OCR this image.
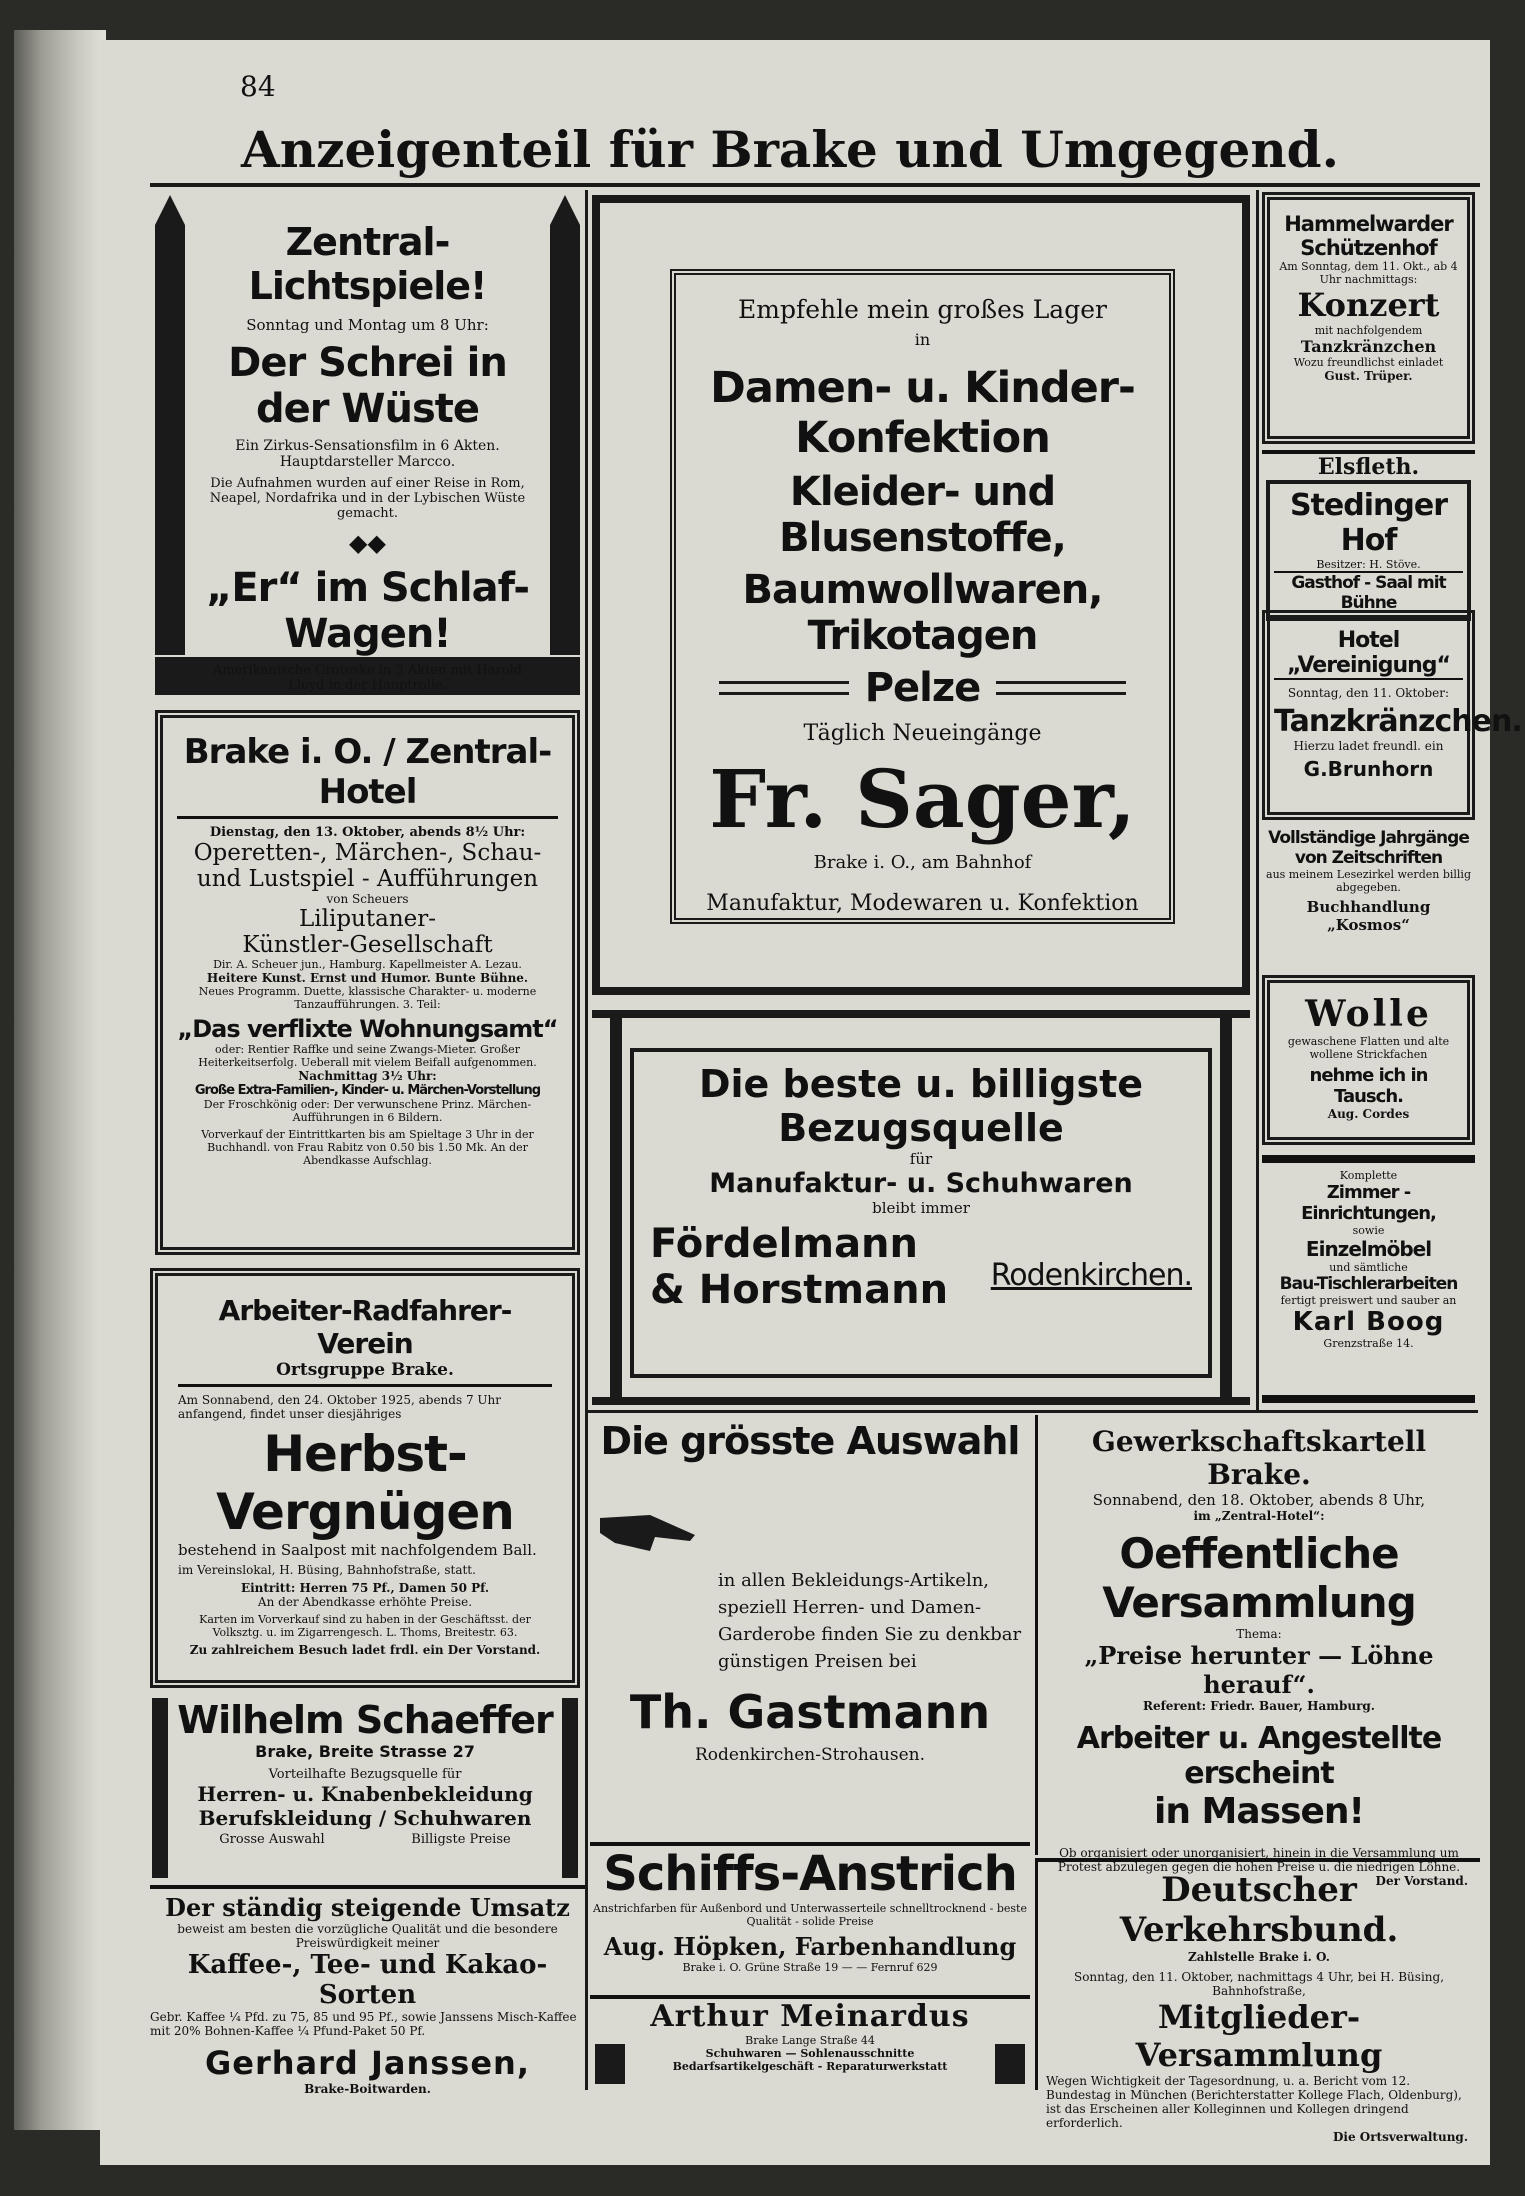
84
Anzeigenteil für Brake und Umgegend.
Zentral-Lichtspiele!
Sonntag und Montag um 8 Uhr:
Der Schrei in der Wüste
Ein Zirkus-Sensationsfilm in 6 Akten. Hauptdarsteller Marcco.
Die Aufnahmen wurden auf einer Reise in Rom, Neapel, Nordafrika und in der Lybischen Wüste gemacht.
◆◆
„Er“ im Schlaf-Wagen!
Amerikanische Groteske in 3 Akten mit Harold Lloyd in der Hauptrolle.
Brake i. O. / Zentral-Hotel
Dienstag, den 13. Oktober, abends 8½ Uhr:
Operetten-, Märchen-, Schau-
und Lustspiel - Aufführungen
von Scheuers
Liliputaner-
Künstler-Gesellschaft
Dir. A. Scheuer jun., Hamburg. Kapellmeister A. Lezau.
Heitere Kunst. Ernst und Humor. Bunte Bühne.
Neues Programm. Duette, klassische Charakter- u. moderne Tanzaufführungen. 3. Teil:
„Das verflixte Wohnungsamt“
oder: Rentier Raffke und seine Zwangs-Mieter. Großer Heiterkeitserfolg. Ueberall mit vielem Beifall aufgenommen.
Nachmittag 3½ Uhr:
Große Extra-Familien-, Kinder- u. Märchen-Vorstellung
Der Froschkönig oder: Der verwunschene Prinz. Märchen-Aufführungen in 6 Bildern.
Vorverkauf der Eintrittkarten bis am Spieltage 3 Uhr in der Buchhandl. von Frau Rabitz von 0.50 bis 1.50 Mk. An der Abendkasse Aufschlag.
Arbeiter-Radfahrer-Verein
Ortsgruppe Brake.
Am Sonnabend, den 24. Oktober 1925, abends 7 Uhr anfangend, findet unser diesjähriges
Herbst-Vergnügen
bestehend in Saalpost mit nachfolgendem Ball.
im Vereinslokal, H. Büsing, Bahnhofstraße, statt.
Eintritt: Herren 75 Pf., Damen 50 Pf.
An der Abendkasse erhöhte Preise.
Karten im Vorverkauf sind zu haben in der Geschäftsst. der Volksztg. u. im Zigarrengesch. L. Thoms, Breitestr. 63.
Zu zahlreichem Besuch ladet frdl. ein Der Vorstand.
Wilhelm Schaeffer
Brake, Breite Strasse 27
Vorteilhafte Bezugsquelle für
Herren- u. Knabenbekleidung
Berufskleidung / Schuhwaren
Grosse Auswahl	Billigste Preise
Der ständig steigende Umsatz
beweist am besten die vorzügliche Qualität und die besondere Preiswürdigkeit meiner
Kaffee-, Tee- und Kakao-Sorten
Gebr. Kaffee ¼ Pfd. zu 75, 85 und 95 Pf., sowie Janssens Misch-Kaffee mit 20% Bohnen-Kaffee ¼ Pfund-Paket 50 Pf.
Gerhard Janssen,
Brake-Boitwarden.
Empfehle mein großes Lager
in
Damen- u. Kinder-Konfektion
Kleider- und Blusenstoffe,
Baumwollwaren, Trikotagen
Pelze
Täglich Neueingänge
Fr. Sager,
Brake i. O., am Bahnhof
Manufaktur, Modewaren u. Konfektion
Die beste u. billigste
Bezugsquelle
für
Manufaktur- u. Schuhwaren
bleibt immer
Fördelmann
& Horstmann Rodenkirchen.
Die grösste Auswahl
in allen Bekleidungs-Artikeln, speziell Herren- und Damen-Garderobe finden Sie zu denkbar günstigen Preisen bei
Th. Gastmann
Rodenkirchen-Strohausen.
Schiffs-Anstrich
Anstrichfarben für Außenbord und Unterwasserteile schnelltrocknend - beste Qualität - solide Preise
Aug. Höpken, Farbenhandlung
Brake i. O. Grüne Straße 19 — — Fernruf 629
Arthur Meinardus
Brake Lange Straße 44
Schuhwaren — Sohlenausschnitte Bedarfsartikelgeschäft - Reparaturwerkstatt
Hammelwarder Schützenhof
Am Sonntag, dem 11. Okt., ab 4 Uhr nachmittags:
Konzert
mit nachfolgendem
Tanzkränzchen
Wozu freundlichst einladet
Gust. Trüper.
Elsfleth.
Stedinger Hof
Besitzer: H. Stöve.
Gasthof - Saal mit Bühne
Hotel „Vereinigung“
Sonntag, den 11. Oktober:
Tanzkränzchen.
Hierzu ladet freundl. ein
G.Brunhorn
Vollständige Jahrgänge von Zeitschriften
aus meinem Lesezirkel werden billig abgegeben.
Buchhandlung
„Kosmos“
Wolle
gewaschene Flatten und alte wollene Strickfachen
nehme ich in Tausch.
Aug. Cordes
Komplette
Zimmer - Einrichtungen,
sowie
Einzelmöbel
und sämtliche
Bau-Tischlerarbeiten
fertigt preiswert und sauber an
Karl Boog
Grenzstraße 14.
Gewerkschaftskartell Brake.
Sonnabend, den 18. Oktober, abends 8 Uhr,
im „Zentral-Hotel“:
Oeffentliche Versammlung
Thema:
„Preise herunter — Löhne herauf“.
Referent: Friedr. Bauer, Hamburg.
Arbeiter u. Angestellte erscheint
in Massen!
Ob organisiert oder unorganisiert, hinein in die Versammlung um Protest abzulegen gegen die hohen Preise u. die niedrigen Löhne.
Der Vorstand.
Deutscher Verkehrsbund.
Zahlstelle Brake i. O.
Sonntag, den 11. Oktober, nachmittags 4 Uhr, bei H. Büsing, Bahnhofstraße,
Mitglieder-Versammlung
Wegen Wichtigkeit der Tagesordnung, u. a. Bericht vom 12. Bundestag in München (Berichterstatter Kollege Flach, Oldenburg), ist das Erscheinen aller Kolleginnen und Kollegen dringend erforderlich.
Die Ortsverwaltung.
